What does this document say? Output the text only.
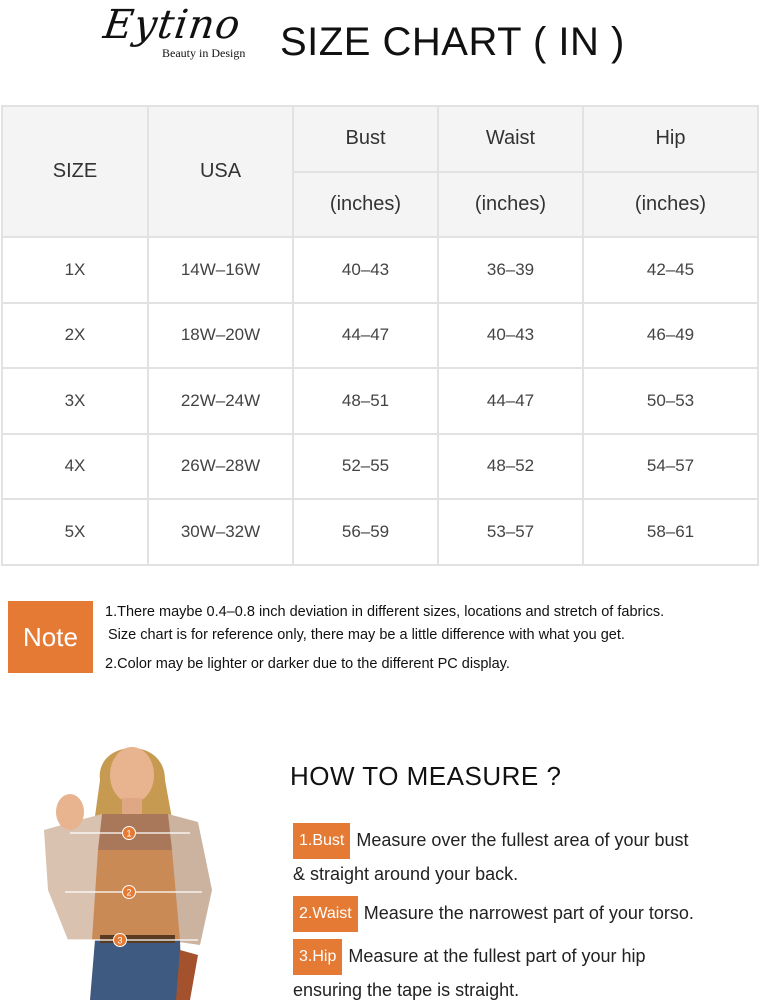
Eytino
Beauty in Design SIZE CHART ( IN )
SIZE	USA	Bust	Waist	Hip
		(inches)	(inches)	(inches)
1X	14W–16W	40–43	36–39	42–45
2X	18W–20W	44–47	40–43	46–49
3X	22W–24W	48–51	44–47	50–53
4X	26W–28W	52–55	48–52	54–57
5X	30W–32W	56–59	53–57	58–61
Note
1.There maybe 0.4–0.8 inch deviation in different sizes, locations and stretch of fabrics.
Size chart is for reference only, there may be a little difference with what you get.
2.Color may be lighter or darker due to the different PC display.
1
2
3
HOW TO MEASURE ?
1.Bust Measure over the fullest area of your bust
& straight around your back.
2.Waist Measure the narrowest part of your torso.
3.Hip Measure at the fullest part of your hip
ensuring the tape is straight.
